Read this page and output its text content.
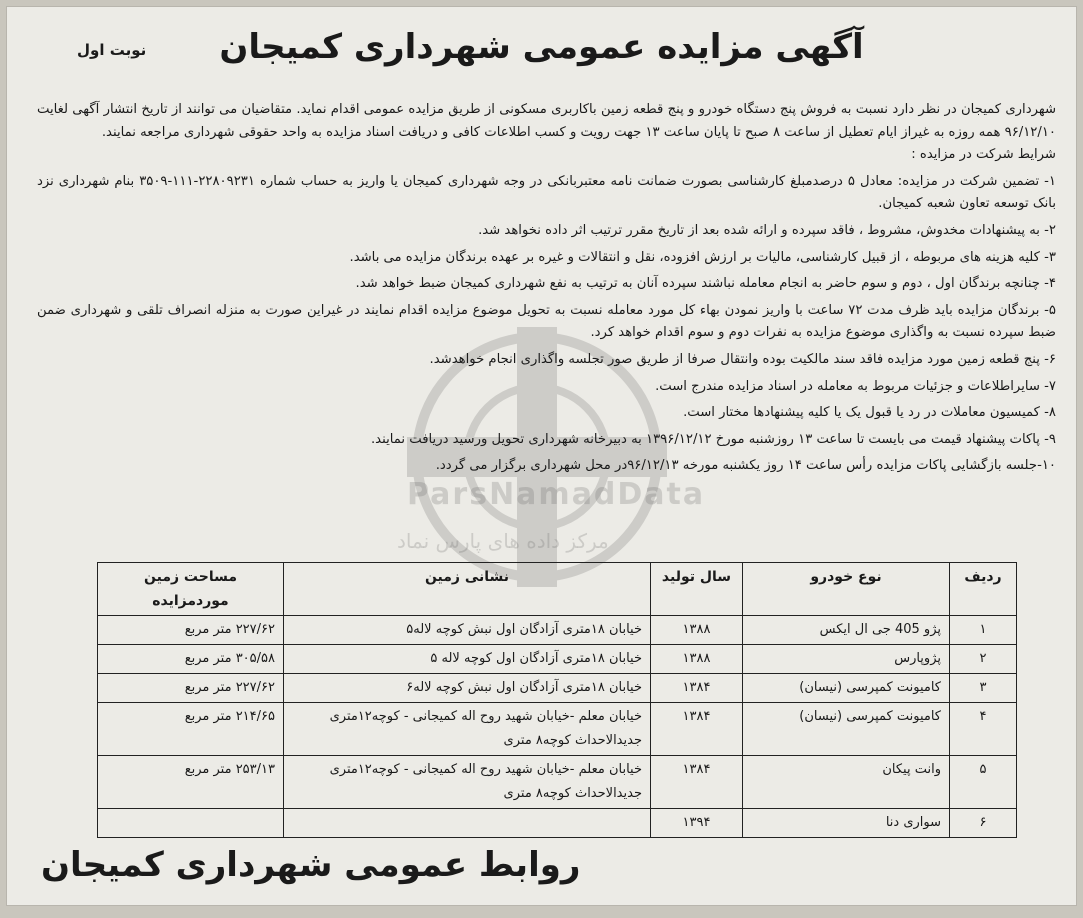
ParsNamadData
مرکز داده های پارس نماد
نوبت اول	آگهی مزایده عمومی شهرداری کمیجان

شهرداری کمیجان در نظر دارد نسبت به فروش پنج دستگاه خودرو و پنج قطعه زمین باکاربری مسکونی از طریق مزایده عمومی اقدام نماید. متقاضیان می توانند از تاریخ انتشار آگهی لغایت ۹۶/۱۲/۱۰ همه روزه به غیراز ایام تعطیل از ساعت ۸ صبح تا پایان ساعت ۱۳ جهت رویت و کسب اطلاعات کافی و دریافت اسناد مزایده به واحد حقوقی شهرداری مراجعه نمایند.

شرایط شرکت در مزایده :

۱- تضمین شرکت در مزایده: معادل ۵ درصدمبلغ کارشناسی بصورت ضمانت نامه معتبربانکی در وجه شهرداری کمیجان یا واریز به حساب شماره ۲۲۸۰۹۲۳۱-۱۱۱-۳۵۰۹ بنام شهرداری نزد بانک توسعه تعاون شعبه کمیجان.

۲- به پیشنهادات مخدوش، مشروط ، فاقد سپرده و ارائه شده بعد از تاریخ مقرر ترتیب اثر داده نخواهد شد.

۳- کلیه هزینه های مربوطه ، از قبیل کارشناسی، مالیات بر ارزش افزوده، نقل و انتقالات و غیره بر عهده برندگان مزایده می باشد.

۴- چنانچه برندگان اول ، دوم و سوم حاضر به انجام معامله نباشند سپرده آنان به ترتیب به نفع شهرداری کمیجان ضبط خواهد شد.

۵- برندگان مزایده باید ظرف مدت ۷۲ ساعت با واریز نمودن بهاء کل مورد معامله نسبت به تحویل موضوع مزایده اقدام نمایند در غیراین صورت به منزله انصراف تلقی و شهرداری ضمن ضبط سپرده نسبت به واگذاری موضوع مزایده به نفرات دوم و سوم اقدام خواهد کرد.

۶- پنج قطعه زمین مورد مزایده فاقد سند مالکیت بوده وانتقال صرفا از طریق صور تجلسه واگذاری انجام خواهدشد.

۷- سایراطلاعات و جزئیات مربوط به معامله در اسناد مزایده مندرج است.

۸- کمیسیون معاملات در رد یا قبول یک یا کلیه پیشنهادها مختار است.

۹- پاکات پیشنهاد قیمت می بایست تا ساعت ۱۳ روزشنبه مورخ ۱۳۹۶/۱۲/۱۲ به دبیرخانه شهرداری تحویل ورسید دریافت نمایند.

۱۰-جلسه بازگشایی پاکات مزایده رأس ساعت ۱۴ روز یکشنبه مورخه ۹۶/۱۲/۱۳در محل شهرداری برگزار می گردد.

ردیف	نوع خودرو	سال تولید	نشانی زمین	مساحت زمین موردمزایده
۱	پژو 405 جی ال ایکس	۱۳۸۸	خیابان ۱۸متری آزادگان اول نبش کوچه لاله۵	۲۲۷/۶۲ متر مربع
۲	پژوپارس	۱۳۸۸	خیابان ۱۸متری آزادگان اول کوچه لاله ۵	۳۰۵/۵۸ متر مربع
۳	کامیونت کمپرسی (نیسان)	۱۳۸۴	خیابان ۱۸متری آزادگان اول نبش کوچه لاله۶	۲۲۷/۶۲ متر مربع
۴	کامیونت کمپرسی (نیسان)	۱۳۸۴	خیابان معلم -خیابان شهید روح اله کمیجانی - کوچه۱۲متری جدیدالاحداث کوچه۸ متری	۲۱۴/۶۵ متر مربع
۵	وانت پیکان	۱۳۸۴	خیابان معلم -خیابان شهید روح اله کمیجانی - کوچه۱۲متری جدیدالاحداث کوچه۸ متری	۲۵۳/۱۳ متر مربع
۶	سواری دنا	۱۳۹۴		
روابط عمومی شهرداری کمیجان
